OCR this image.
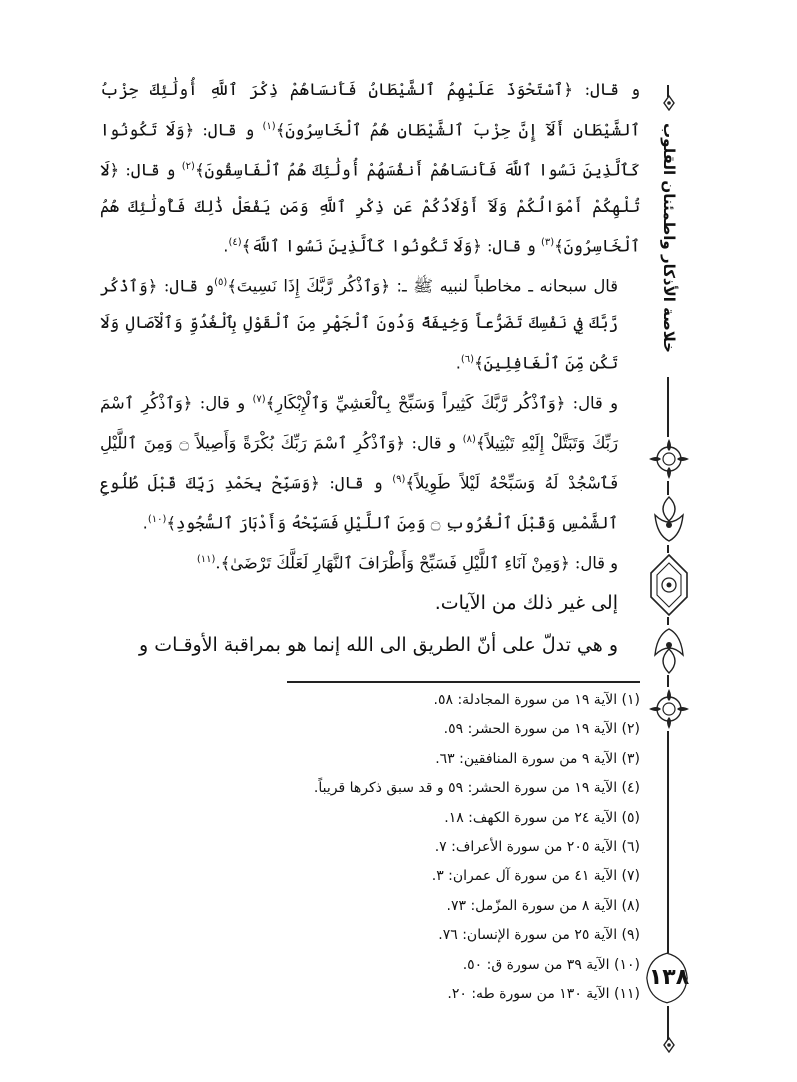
خلاصة الأذكار واطمئنان القلوب
١٣٨

و قال: ﴿ٱسْتَحْوَذَ عَلَيْهِمُ ٱلشَّيْطَانُ فَأَنسَاهُمْ ذِكْرَ ٱللَّهِ أُولَٰئِكَ حِزْبُ ٱلشَّيْطَانِ أَلَآ إِنَّ حِزْبَ ٱلشَّيْطَانِ هُمُ ٱلْخَاسِرُونَ﴾$^{(١)}$ و قال: ﴿وَلَا تَكُونُوا كَٱلَّذِينَ نَسُوا ٱللَّهَ فَأَنسَاهُمْ أَنفُسَهُمْ أُولَٰئِكَ هُمُ ٱلْفَاسِقُونَ﴾$^{(٢)}$ و قال: ﴿لَا تُلْهِكُمْ أَمْوَالُكُمْ وَلَآ أَوْلَادُكُمْ عَن ذِكْرِ ٱللَّهِ وَمَن يَفْعَلْ ذَٰلِكَ فَأُولَٰئِكَ هُمُ ٱلْخَاسِرُونَ﴾$^{(٣)}$ و قال: ﴿وَلَا تَكُونُوا كَٱلَّذِينَ نَسُوا ٱللَّهَ﴾$^{(٤)}$.

قال سبحانه ـ مخاطباً لنبيه ﷺ ـ: ﴿وَٱذْكُر رَّبَّكَ إِذَا نَسِيتَ﴾$^{(٥)}$و قال: ﴿وَٱذْكُر رَّبَّكَ فِي نَفْسِكَ تَضَرُّعاً وَخِيفَةً وَدُونَ ٱلْجَهْرِ مِنَ ٱلْقَوْلِ بِٱلْغُدُوِّ وَٱلْآصَالِ وَلَا تَكُن مِّنَ ٱلْغَافِلِينَ﴾$^{(٦)}$.

و قال: ﴿وَٱذْكُر رَّبَّكَ كَثِيراً وَسَبِّحْ بِٱلْعَشِيِّ وَٱلْإِبْكَارِ﴾$^{(٧)}$ و قال: ﴿وَٱذْكُرِ ٱسْمَ رَبِّكَ وَتَبَتَّلْ إِلَيْهِ تَبْتِيلاً﴾$^{(٨)}$ و قال: ﴿وَٱذْكُرِ ٱسْمَ رَبِّكَ بُكْرَةً وَأَصِيلاً ۝ وَمِنَ ٱللَّيْلِ فَٱسْجُدْ لَهُ وَسَبِّحْهُ لَيْلاً طَوِيلاً﴾$^{(٩)}$ و قال: ﴿وَسَبِّحْ بِحَمْدِ رَبِّكَ قَبْلَ طُلُوعِ ٱلشَّمْسِ وَقَبْلَ ٱلْغُرُوبِ ۝ وَمِنَ ٱللَّيْلِ فَسَبِّحْهُ وَأَدْبَارَ ٱلسُّجُودِ﴾$^{(١٠)}$.

و قال: ﴿وَمِنْ آنَاءِ ٱللَّيْلِ فَسَبِّحْ وَأَطْرَافَ ٱلنَّهَارِ لَعَلَّكَ تَرْضَىٰ﴾.$^{(١١)}$

إلى غير ذلك من الآيات.

و هي تدلّ على أنّ الطريق الى الله إنما هو بمراقبة الأوقـات و

(١) الآية ١٩ من سورة المجادلة: ٥٨.
(٢) الآية ١٩ من سورة الحشر: ٥٩.
(٣) الآية ٩ من سورة المنافقين: ٦٣.
(٤) الآية ١٩ من سورة الحشر: ٥٩ و قد سبق ذكرها قريباً.
(٥) الآية ٢٤ من سورة الكهف: ١٨.
(٦) الآية ٢٠٥ من سورة الأعراف: ٧.
(٧) الآية ٤١ من سورة آل عمران: ٣.
(٨) الآية ٨ من سورة المزّمل: ٧٣.
(٩) الآية ٢٥ من سورة الإنسان: ٧٦.
(١٠) الآية ٣٩ من سورة ق: ٥٠.
(١١) الآية ١٣٠ من سورة طه: ٢٠.
